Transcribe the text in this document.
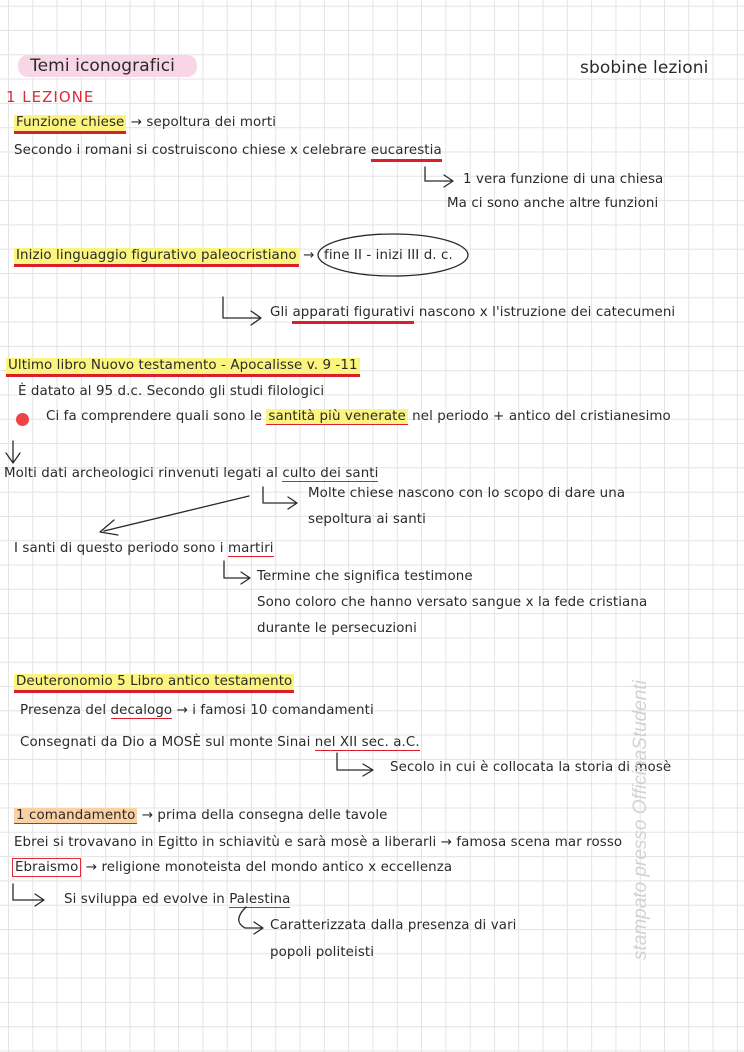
Temi iconografici	sbobine lezioni
1 LEZIONE
Funzione chiese → sepoltura dei morti
Secondo i romani si costruiscono chiese x celebrare eucarestia
1 vera funzione di una chiesa
Ma ci sono anche altre funzioni
Inizio linguaggio figurativo paleocristiano → fine II - inizi III d. c.
Gli apparati figurativi nascono x l'istruzione dei catecumeni
Ultimo libro Nuovo testamento - Apocalisse v. 9 -11
È datato al 95 d.c. Secondo gli studi filologici
Ci fa comprendere quali sono le santità più venerate nel periodo + antico del cristianesimo
Molti dati archeologici rinvenuti legati al culto dei santi
Molte chiese nascono con lo scopo di dare una
sepoltura ai santi
I santi di questo periodo sono i martiri
Termine che significa testimone
Sono coloro che hanno versato sangue x la fede cristiana
durante le persecuzioni
Deuteronomio 5 Libro antico testamento
Presenza del decalogo → i famosi 10 comandamenti
Consegnati da Dio a MOSÈ sul monte Sinai nel XII sec. a.C.
Secolo in cui è collocata la storia di mosè
1 comandamento → prima della consegna delle tavole
Ebrei si trovavano in Egitto in schiavitù e sarà mosè a liberarli → famosa scena mar rosso
Ebraismo → religione monoteista del mondo antico x eccellenza
Si sviluppa ed evolve in Palestina
Caratterizzata dalla presenza di vari
popoli politeisti	stampato presso OfficinaStudenti
